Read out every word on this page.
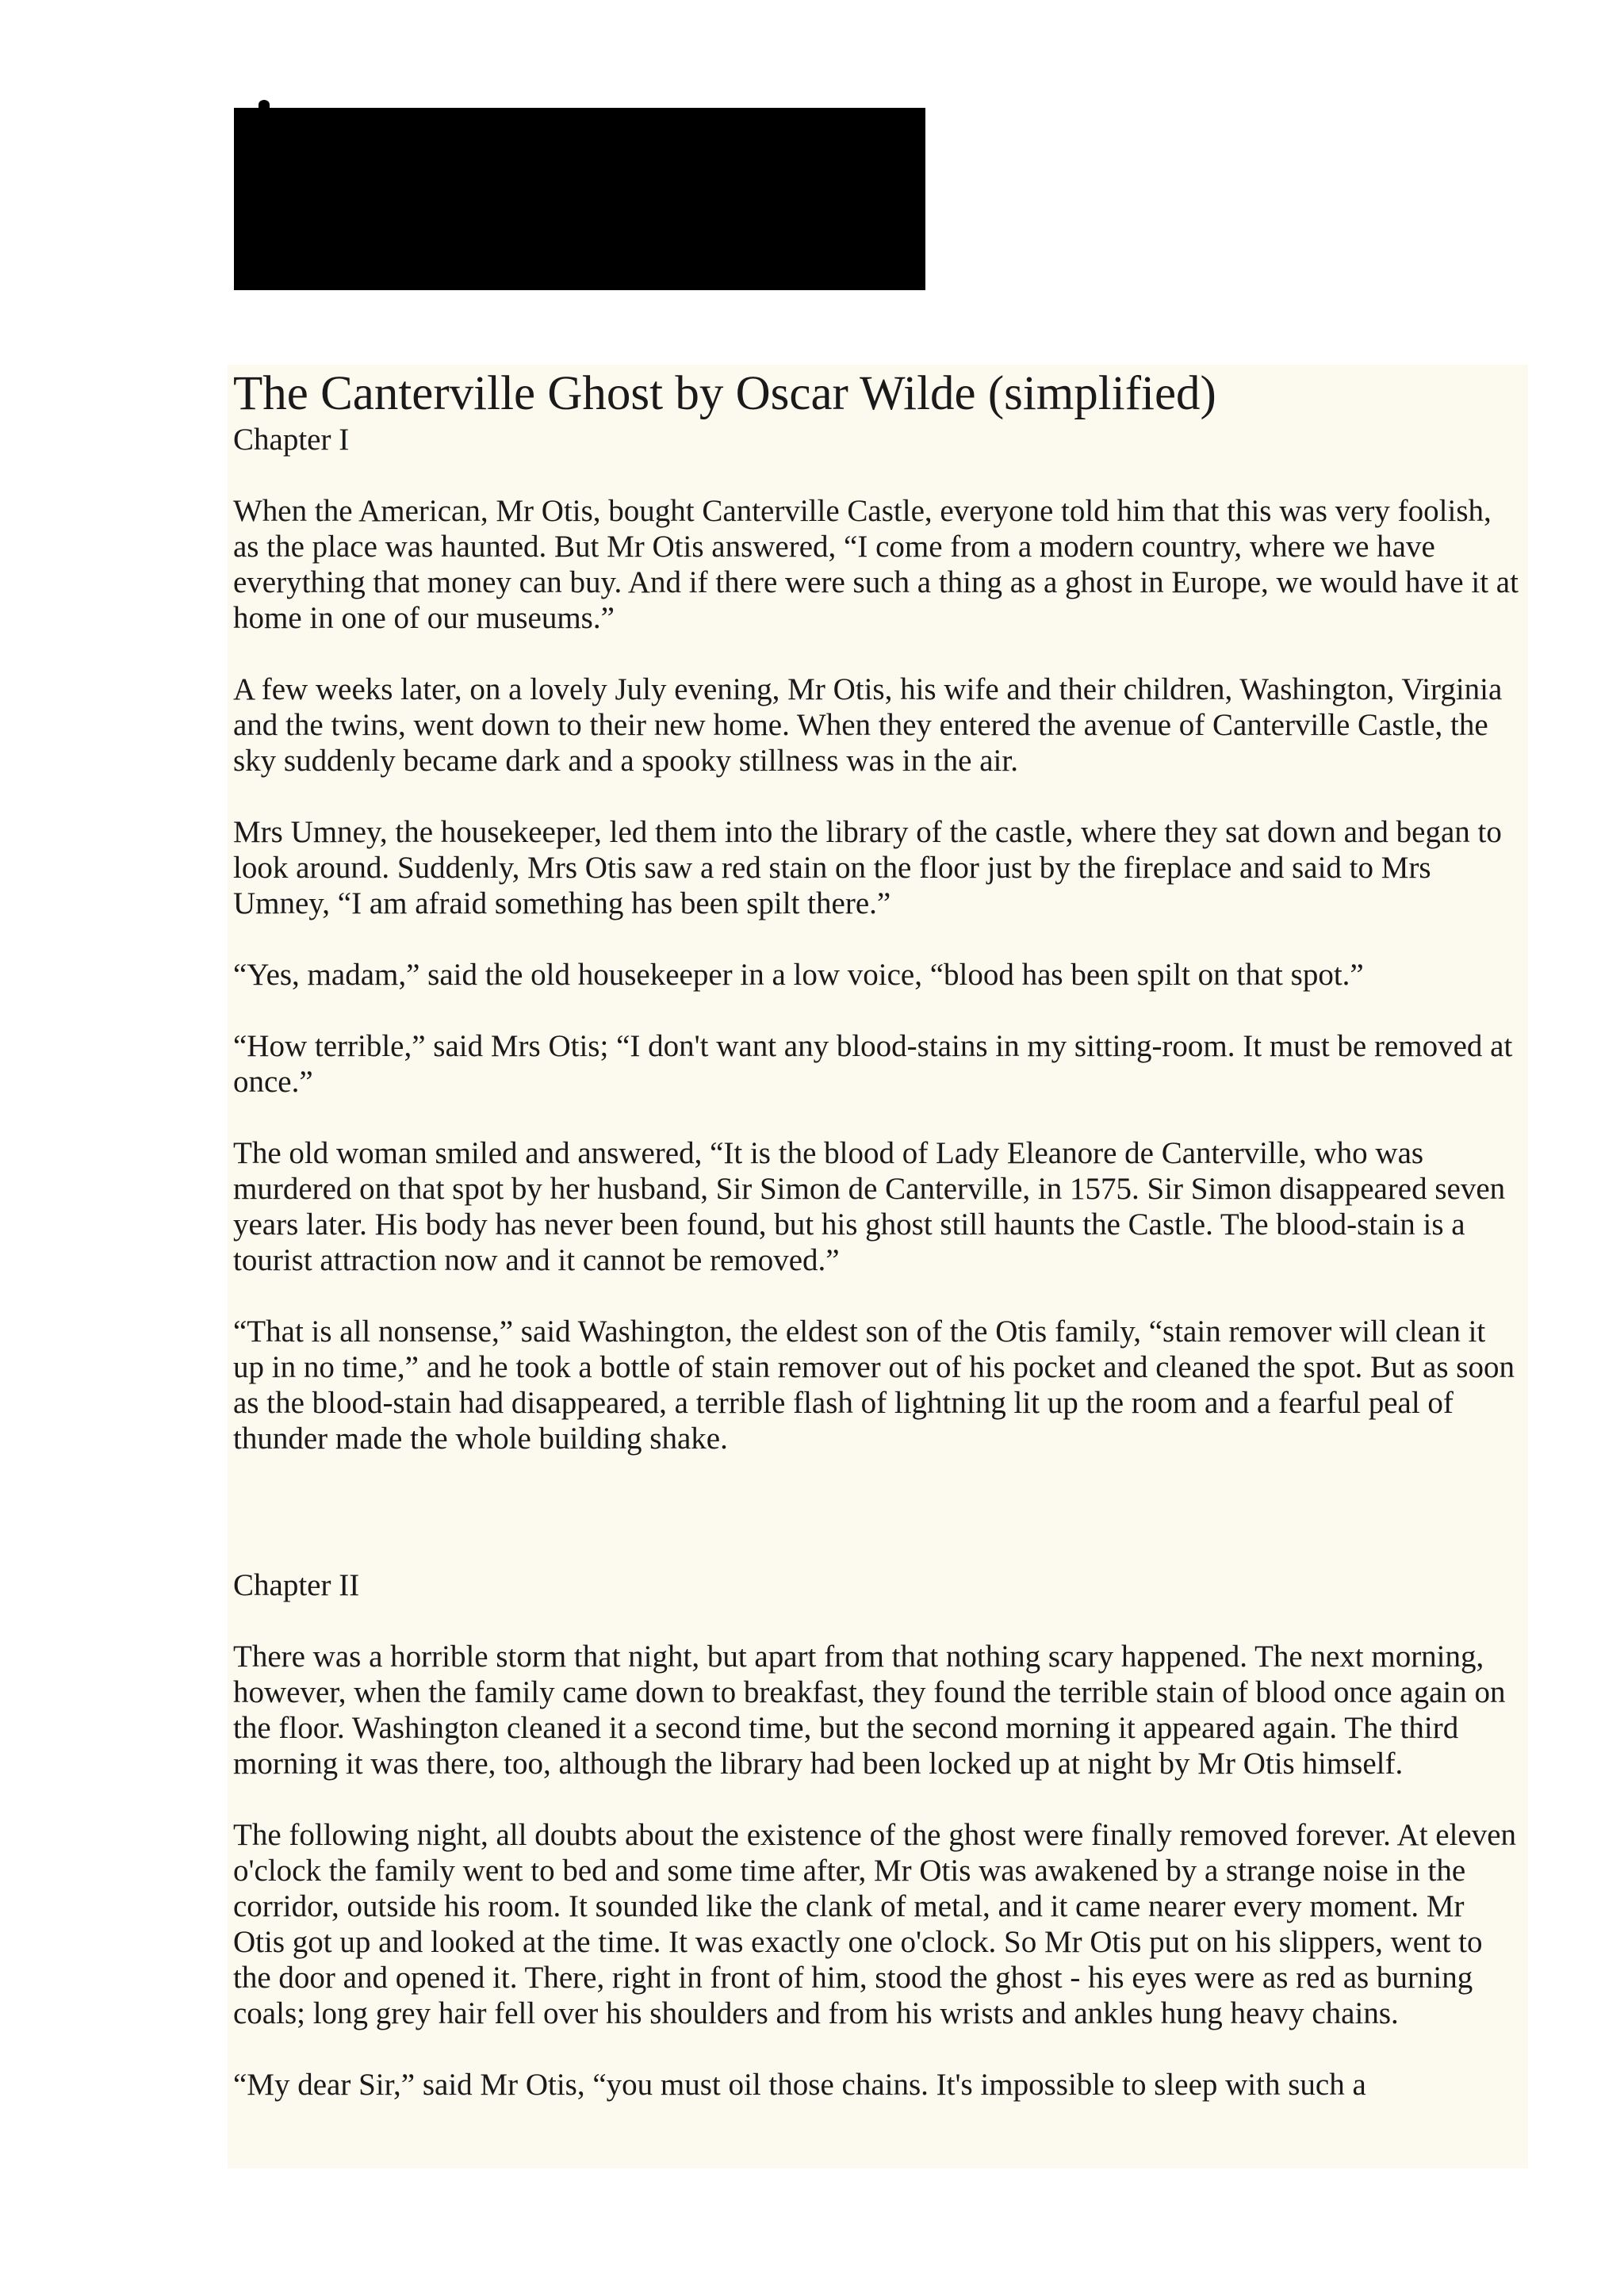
The Canterville Ghost by Oscar Wilde (simplified)
Chapter I

When the American, Mr Otis, bought Canterville Castle, everyone told him that this was very foolish, as the place was haunted. But Mr Otis answered, “I come from a modern country, where we have everything that money can buy. And if there were such a thing as a ghost in Europe, we would have it at home in one of our museums.”

A few weeks later, on a lovely July evening, Mr Otis, his wife and their children, Washington, Virginia and the twins, went down to their new home. When they entered the avenue of Canterville Castle, the sky suddenly became dark and a spooky stillness was in the air.

Mrs Umney, the housekeeper, led them into the library of the castle, where they sat down and began to look around. Suddenly, Mrs Otis saw a red stain on the floor just by the fireplace and said to Mrs Umney, “I am afraid something has been spilt there.”

“Yes, madam,” said the old housekeeper in a low voice, “blood has been spilt on that spot.”

“How terrible,” said Mrs Otis; “I don't want any blood-stains in my sitting-room. It must be removed at once.”

The old woman smiled and answered, “It is the blood of Lady Eleanore de Canterville, who was murdered on that spot by her husband, Sir Simon de Canterville, in 1575. Sir Simon disappeared seven years later. His body has never been found, but his ghost still haunts the Castle. The blood-stain is a tourist attraction now and it cannot be removed.”

“That is all nonsense,” said Washington, the eldest son of the Otis family, “stain remover will clean it up in no time,” and he took a bottle of stain remover out of his pocket and cleaned the spot. But as soon as the blood-stain had disappeared, a terrible flash of lightning lit up the room and a fearful peal of thunder made the whole building shake.

Chapter II

There was a horrible storm that night, but apart from that nothing scary happened. The next morning, however, when the family came down to breakfast, they found the terrible stain of blood once again on the floor. Washington cleaned it a second time, but the second morning it appeared again. The third morning it was there, too, although the library had been locked up at night by Mr Otis himself.

The following night, all doubts about the existence of the ghost were finally removed forever. At eleven o'clock the family went to bed and some time after, Mr Otis was awakened by a strange noise in the corridor, outside his room. It sounded like the clank of metal, and it came nearer every moment. Mr Otis got up and looked at the time. It was exactly one o'clock. So Mr Otis put on his slippers, went to the door and opened it. There, right in front of him, stood the ghost - his eyes were as red as burning coals; long grey hair fell over his shoulders and from his wrists and ankles hung heavy chains.

“My dear Sir,” said Mr Otis, “you must oil those chains. It's impossible to sleep with such a
